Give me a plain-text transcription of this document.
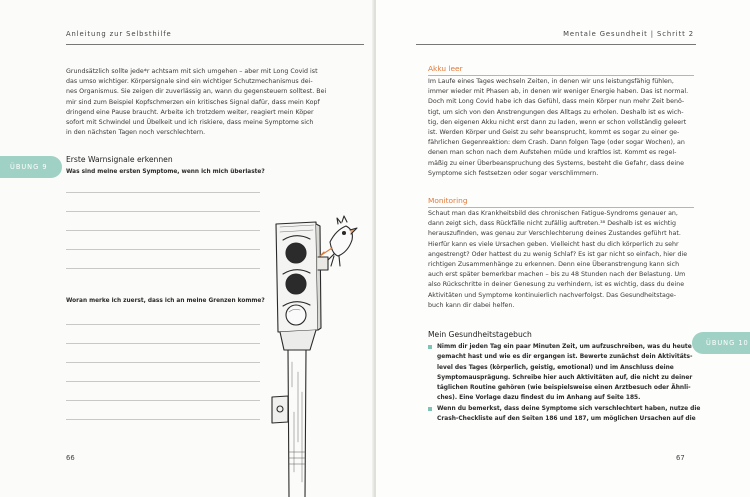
Anleitung zur Selbsthilfe

Grundsätzlich sollte jede*r achtsam mit sich umgehen – aber mit Long Covid ist

das umso wichtiger. Körpersignale sind ein wichtiger Schutzmechanismus dei-

nes Organismus. Sie zeigen dir zuverlässig an, wann du gegensteuern solltest. Bei

mir sind zum Beispiel Kopfschmerzen ein kritisches Signal dafür, dass mein Kopf

dringend eine Pause braucht. Arbeite ich trotzdem weiter, reagiert mein Köper

sofort mit Schwindel und Übelkeit und ich riskiere, dass meine Symptome sich

in den nächsten Tagen noch verschlechtern.

Erste Warnsignale erkennen
Was sind meine ersten Symptome, wenn ich mich überlaste?
Woran merke ich zuerst, dass ich an meine Grenzen komme?
66
ÜBUNG 9
Mentale Gesundheit | Schritt 2
Akku leer

Im Laufe eines Tages wechseln Zeiten, in denen wir uns leistungsfähig fühlen,

immer wieder mit Phasen ab, in denen wir weniger Energie haben. Das ist normal.

Doch mit Long Covid habe ich das Gefühl, dass mein Körper nun mehr Zeit benö-

tigt, um sich von den Anstrengungen des Alltags zu erholen. Deshalb ist es wich-

tig, den eigenen Akku nicht erst dann zu laden, wenn er schon vollständig geleert

ist. Werden Körper und Geist zu sehr beansprucht, kommt es sogar zu einer ge-

fährlichen Gegenreaktion: dem Crash. Dann folgen Tage (oder sogar Wochen), an

denen man schon nach dem Aufstehen müde und kraftlos ist. Kommt es regel-

mäßig zu einer Überbeanspruchung des Systems, besteht die Gefahr, dass deine

Symptome sich festsetzen oder sogar verschlimmern.

Monitoring

Schaut man das Krankheitsbild des chronischen Fatigue-Syndroms genauer an,

dann zeigt sich, dass Rückfälle nicht zufällig auftreten.³⁸ Deshalb ist es wichtig

herauszufinden, was genau zur Verschlechterung deines Zustandes geführt hat.

Hierfür kann es viele Ursachen geben. Vielleicht hast du dich körperlich zu sehr

angestrengt? Oder hattest du zu wenig Schlaf? Es ist gar nicht so einfach, hier die

richtigen Zusammenhänge zu erkennen. Denn eine Überanstrengung kann sich

auch erst später bemerkbar machen – bis zu 48 Stunden nach der Belastung. Um

also Rückschritte in deiner Genesung zu verhindern, ist es wichtig, dass du deine

Aktivitäten und Symptome kontinuierlich nachverfolgst. Das Gesundheitstage-

buch kann dir dabei helfen.

Mein Gesundheitstagebuch
Nimm dir jeden Tag ein paar Minuten Zeit, um aufzuschreiben, was du heute
gemacht hast und wie es dir ergangen ist. Bewerte zunächst dein Aktivitäts-
level des Tages (körperlich, geistig, emotional) und im Anschluss deine
Symptomausprägung. Schreibe hier auch Aktivitäten auf, die nicht zu deiner
täglichen Routine gehören (wie beispielsweise einen Arztbesuch oder Ähnli-
ches). Eine Vorlage dazu findest du im Anhang auf Seite 185.
Wenn du bemerkst, dass deine Symptome sich verschlechtert haben, nutze die
Crash-Checkliste auf den Seiten 186 und 187, um möglichen Ursachen auf die
67
ÜBUNG 10
